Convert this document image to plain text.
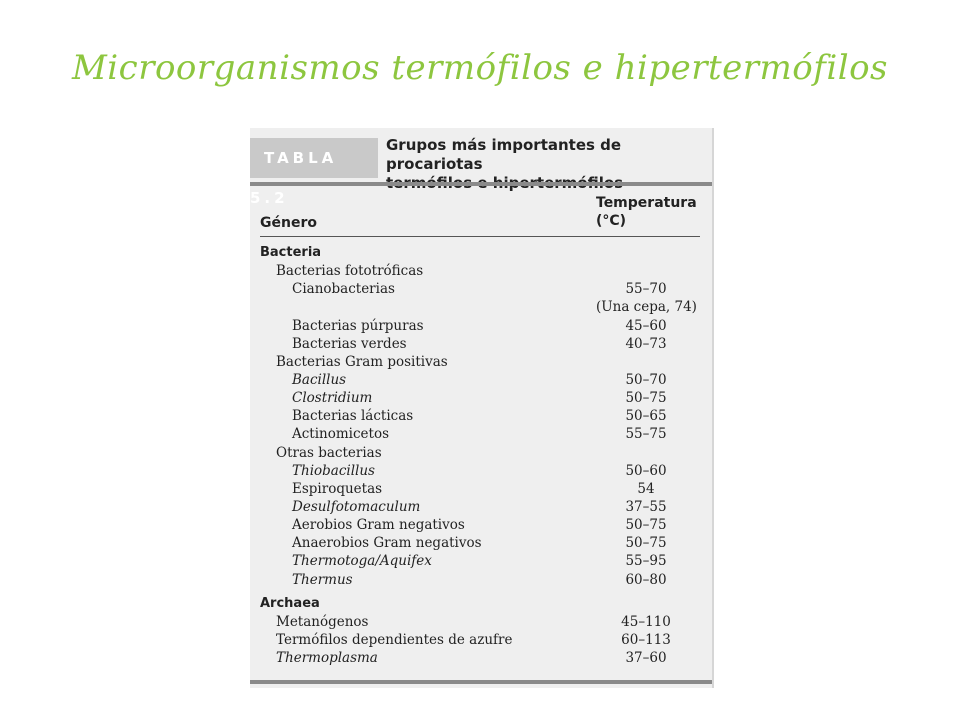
Microorganismos termófilos e hipertermófilos
TABLA 5.2
Grupos más importantes de procariotas
Temperatura
(°C)
Género
Bacteria
Bacterias fototróficas
Cianobacterias	55–70
(Una cepa, 74)
Bacterias púrpuras	45–60
Bacterias verdes	40–73
Bacterias Gram positivas
Bacillus	50–70
Clostridium	50–75
Bacterias lácticas	50–65
Actinomicetos	55–75
Otras bacterias
Thiobacillus	50–60
Espiroquetas	54
Desulfotomaculum	37–55
Aerobios Gram negativos	50–75
Anaerobios Gram negativos	50–75
Thermotoga/Aquifex	55–95
Thermus	60–80
Archaea
Metanógenos	45–110
Termófilos dependientes de azufre	60–113
Thermoplasma	37–60
